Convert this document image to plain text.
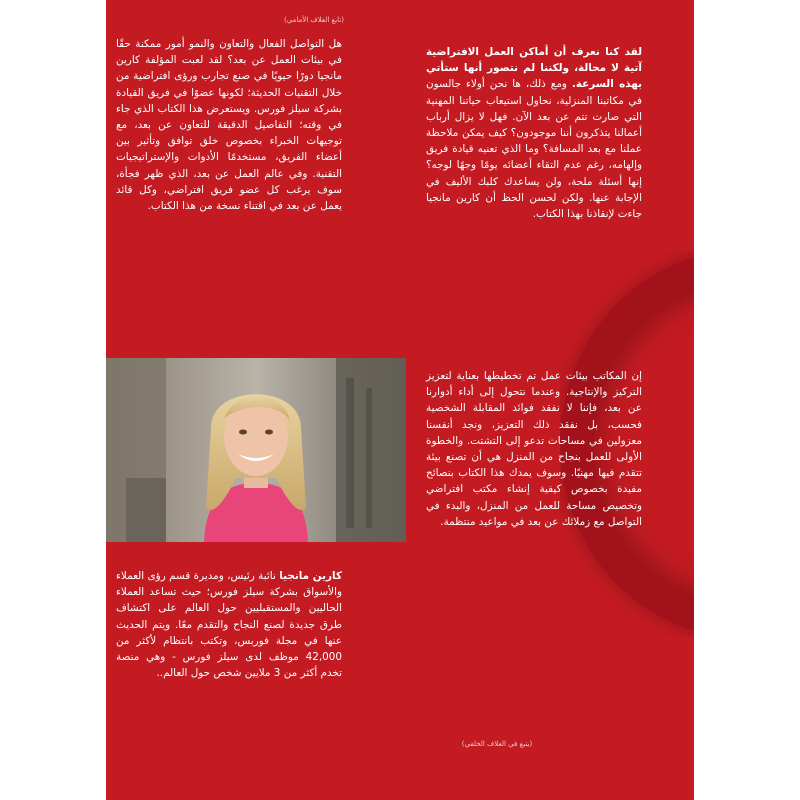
(تابع الغلاف الأمامي)
لقد كنا نعرف أن أماكن العمل الافتراضية آتية لا محالة، ولكننا لم نتصور أنها ستأتي بهذه السرعة. ومع ذلك، ها نحن أولاء جالسون في مكاتبنا المنزلية، نحاول استيعاب حياتنا المهنية التي صارت تتم عن بعد الآن. فهل لا يزال أرباب أعمالنا يتذكرون أننا موجودون؟ كيف يمكن ملاحظة عملنا مع بعد المسافة؟ وما الذي تعنيه قيادة فريق وإلهامه، رغم عدم التقاء أعضائه يومًا وجهًا لوجه؟ إنها أسئلة ملحة، ولن يساعدك كلبك الأليف في الإجابة عنها. ولكن لحسن الحظ أن كارين مانجيا جاءت لإنقاذنا بهذا الكتاب.
إن المكاتب بيئات عمل تم تخطيطها بعناية لتعزيز التركيز والإنتاجية. وعندما نتحول إلى أداء أدوارنا عن بعد، فإننا لا نفقد فوائد المقابلة الشخصية فحسب، بل نفقد ذلك التعزيز، ونجد أنفسنا معزولين في مساحات تدعو إلى التشتت. والخطوة الأولى للعمل بنجاح من المنزل هي أن تصنع بيئة تتقدم فيها مهنيًا. وسوف يمدك هذا الكتاب بنصائح مفيدة بخصوص كيفية إنشاء مكتب افتراضي وتخصيص مساحة للعمل من المنزل، والبدء في التواصل مع زملائك عن بعد في مواعيد منتظمة.
هل التواصل الفعال والتعاون والنمو أمور ممكنة حقًا في بيئات العمل عن بعد؟ لقد لعبت المؤلفة كارين مانجيا دورًا حيويًا في صنع تجارب ورؤى افتراضية من خلال التقنيات الحديثة؛ لكونها عضوًا في فريق القيادة بشركة سيلز فورس. ويستعرض هذا الكتاب الذي جاء في وقته؛ التفاصيل الدقيقة للتعاون عن بعد، مع توجيهات الخبراء بخصوص خلق توافق وتأثير بين أعضاء الفريق، مستخدمًا الأدوات والإستراتيجيات التقنية. وفي عالم العمل عن بعد، الذي ظهر فجأة، سوف يرغب كل عضو فريق افتراضي، وكل قائد يعمل عن بعد في اقتناء نسخة من هذا الكتاب.
كارين مانجيا نائبة رئيس، ومديرة قسم رؤى العملاء والأسواق بشركة سيلز فورس؛ حيث تساعد العملاء الحاليين والمستقبليين حول العالم على اكتشاف طرق جديدة لصنع النجاح والتقدم معًا. ويتم الحديث عنها في مجلة فوربس، وتكتب بانتظام لأكثر من 42,000 موظف لدى سيلز فورس - وهي منصة تخدم أكثر من 3 ملايين شخص حول العالم..
(يتبع في الغلاف الخلفي)
